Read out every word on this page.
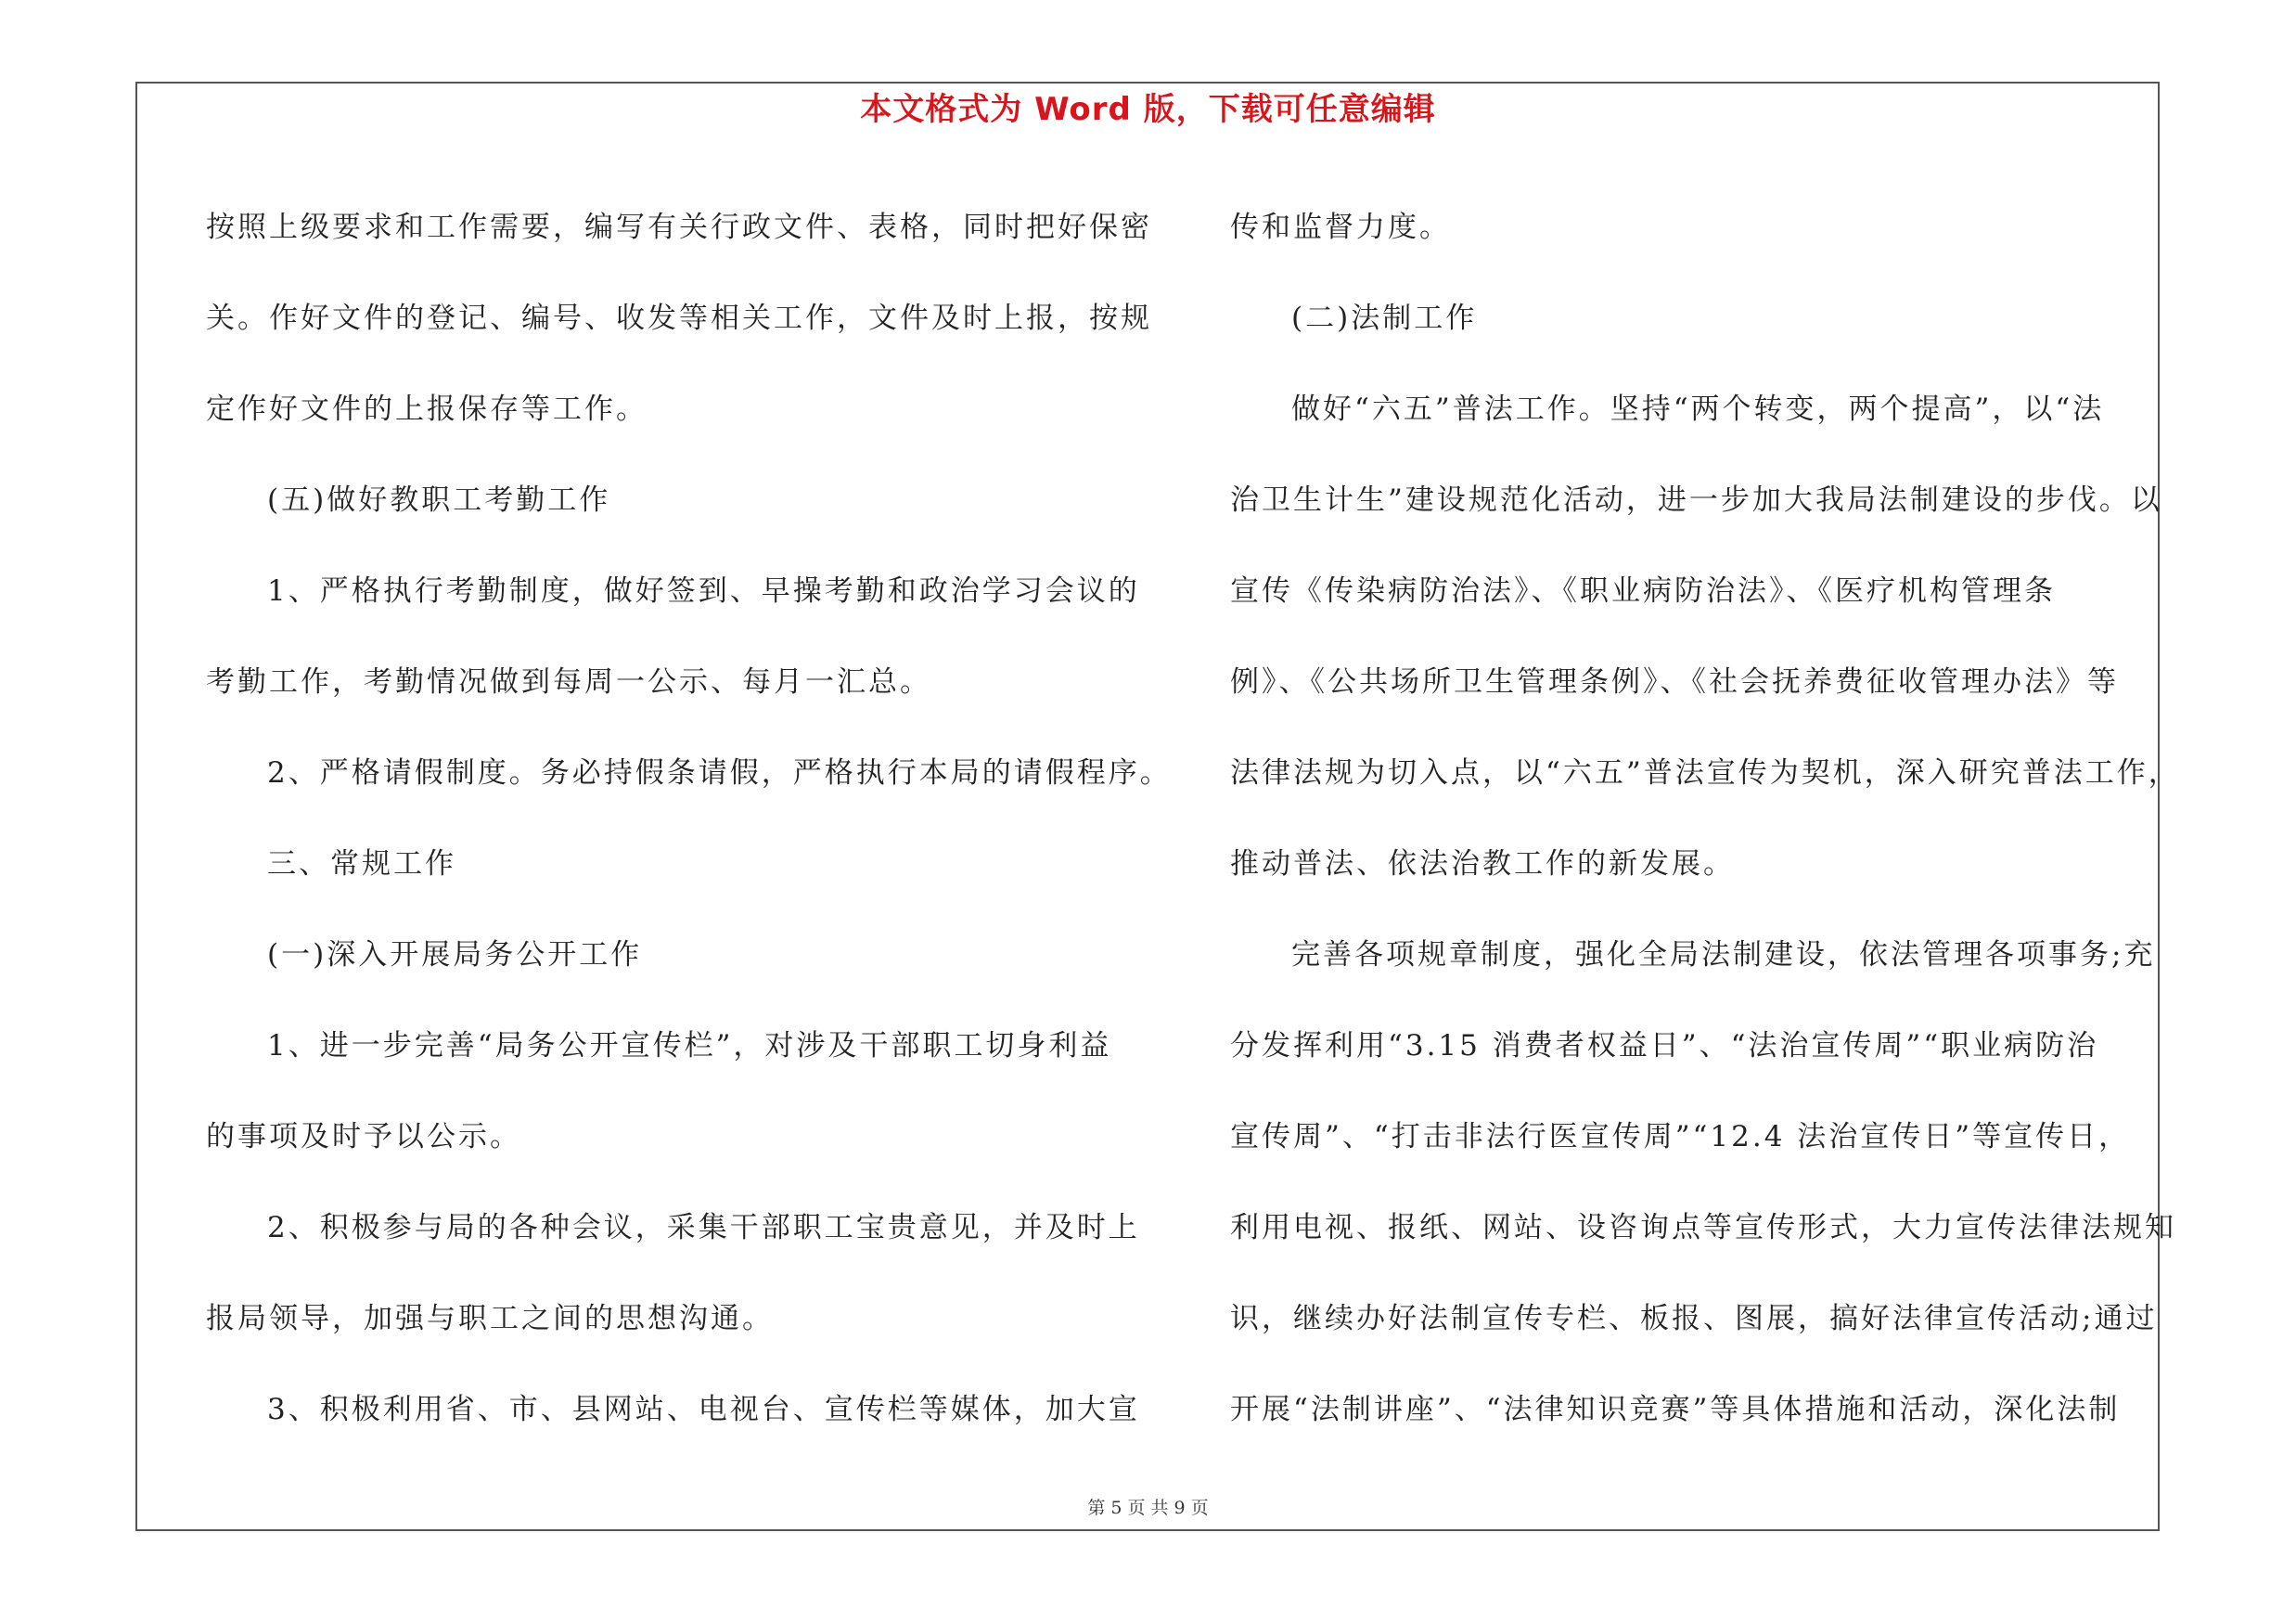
本文格式为 Word 版，下载可任意编辑
按照上级要求和工作需要，编写有关行政文件、表格，同时把好保密
关。作好文件的登记、编号、收发等相关工作，文件及时上报，按规
定作好文件的上报保存等工作。
(五)做好教职工考勤工作
1、严格执行考勤制度，做好签到、早操考勤和政治学习会议的
考勤工作，考勤情况做到每周一公示、每月一汇总。
2、严格请假制度。务必持假条请假，严格执行本局的请假程序。
三、常规工作
(一)深入开展局务公开工作
1、进一步完善“局务公开宣传栏”，对涉及干部职工切身利益
的事项及时予以公示。
2、积极参与局的各种会议，采集干部职工宝贵意见，并及时上
报局领导，加强与职工之间的思想沟通。
3、积极利用省、市、县网站、电视台、宣传栏等媒体，加大宣
传和监督力度。
(二)法制工作
做好“六五”普法工作。坚持“两个转变，两个提高”，以“法
治卫生计生”建设规范化活动，进一步加大我局法制建设的步伐。以
宣传《传染病防治法》、《职业病防治法》、《医疗机构管理条
例》、《公共场所卫生管理条例》、《社会抚养费征收管理办法》等
法律法规为切入点，以“六五”普法宣传为契机，深入研究普法工作，
推动普法、依法治教工作的新发展。
完善各项规章制度，强化全局法制建设，依法管理各项事务;充
分发挥利用“3.15 消费者权益日”、“法治宣传周”“职业病防治
宣传周”、“打击非法行医宣传周”“12.4 法治宣传日”等宣传日，
利用电视、报纸、网站、设咨询点等宣传形式，大力宣传法律法规知
识，继续办好法制宣传专栏、板报、图展，搞好法律宣传活动;通过
开展“法制讲座”、“法律知识竞赛”等具体措施和活动，深化法制
第 5 页 共 9 页
